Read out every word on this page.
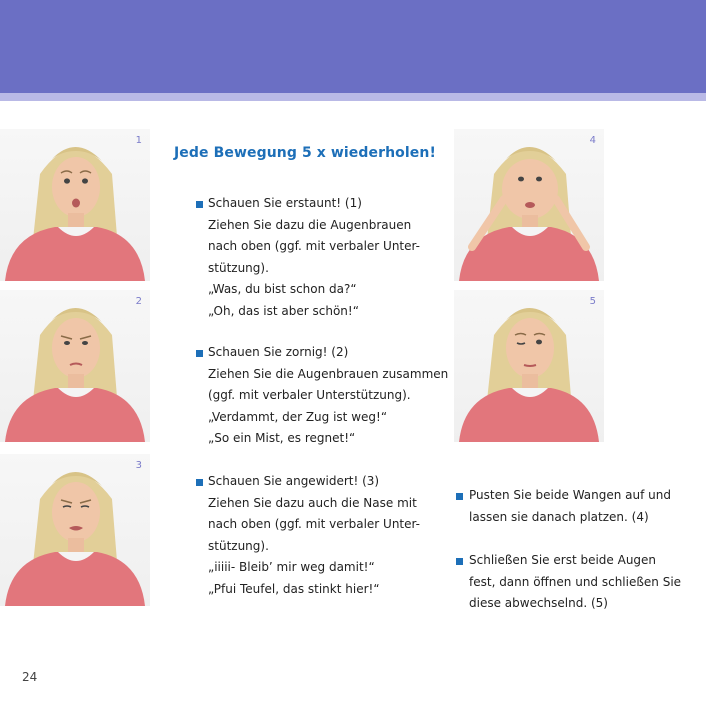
1
2
3
4
5
Jede Bewegung 5 x wiederholen!
Schauen Sie erstaunt! (1)
Ziehen Sie dazu die Augenbrauen
nach oben (ggf. mit verbaler Unter-
stützung).
„Was, du bist schon da?“
„Oh, das ist aber schön!“
Schauen Sie zornig! (2)
Ziehen Sie die Augenbrauen zusammen
(ggf. mit verbaler Unterstützung).
„Verdammt, der Zug ist weg!“
„So ein Mist, es regnet!“
Schauen Sie angewidert! (3)
Ziehen Sie dazu auch die Nase mit
nach oben (ggf. mit verbaler Unter-
stützung).
„iiiii- Bleib’ mir weg damit!“
„Pfui Teufel, das stinkt hier!“
Pusten Sie beide Wangen auf und
lassen sie danach platzen. (4)
Schließen Sie erst beide Augen
fest, dann öffnen und schließen Sie
diese abwechselnd. (5)
24
